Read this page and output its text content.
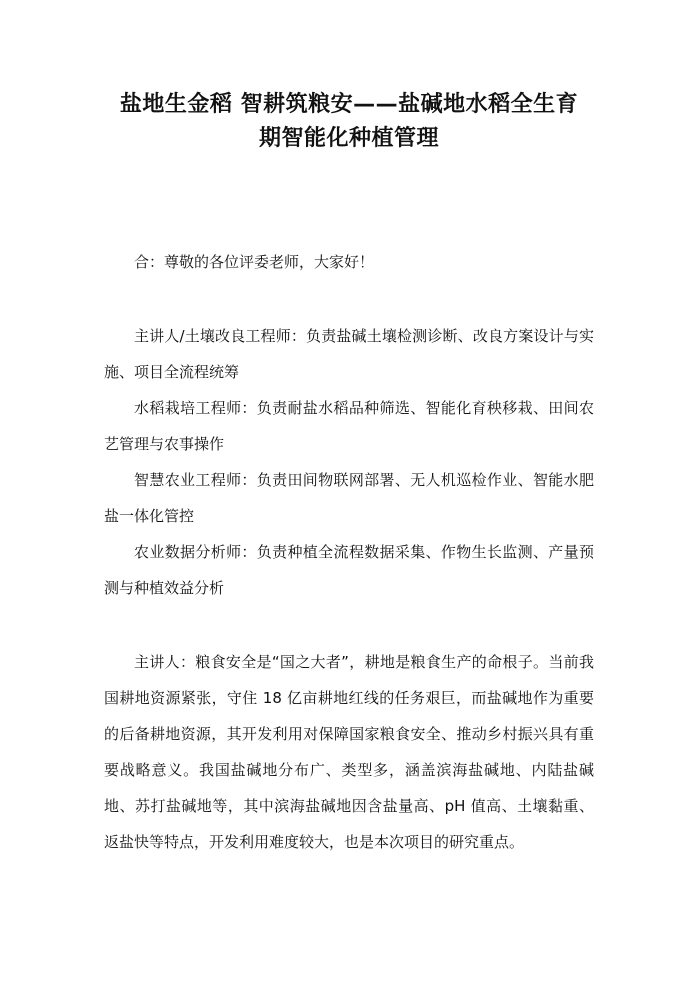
盐地生金稻 智耕筑粮安——盐碱地水稻全生育
期智能化种植管理

合：尊敬的各位评委老师，大家好！

主讲人/土壤改良工程师：负责盐碱土壤检测诊断、改良方案设计与实施、项目全流程统筹

水稻栽培工程师：负责耐盐水稻品种筛选、智能化育秧移栽、田间农艺管理与农事操作

智慧农业工程师：负责田间物联网部署、无人机巡检作业、智能水肥盐一体化管控

农业数据分析师：负责种植全流程数据采集、作物生长监测、产量预测与种植效益分析

主讲人：粮食安全是“国之大者”，耕地是粮食生产的命根子。当前我国耕地资源紧张，守住 18 亿亩耕地红线的任务艰巨，而盐碱地作为重要的后备耕地资源，其开发利用对保障国家粮食安全、推动乡村振兴具有重要战略意义。我国盐碱地分布广、类型多，涵盖滨海盐碱地、内陆盐碱地、苏打盐碱地等，其中滨海盐碱地因含盐量高、pH 值高、土壤黏重、返盐快等特点，开发利用难度较大，也是本次项目的研究重点。
